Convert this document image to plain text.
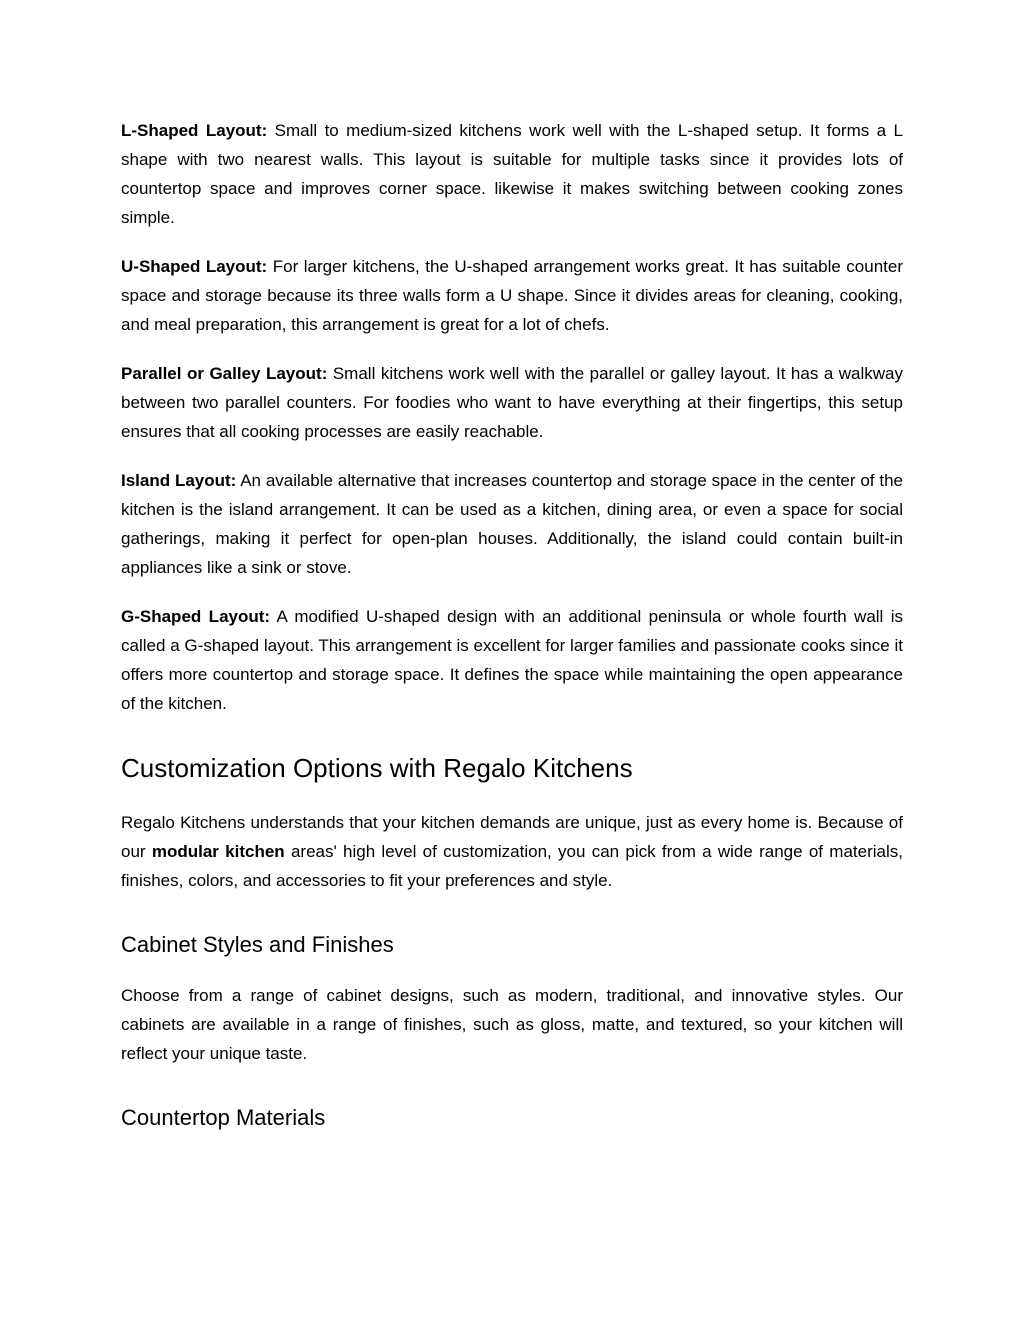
L-Shaped Layout: Small to medium-sized kitchens work well with the L-shaped setup. It forms a L shape with two nearest walls. This layout is suitable for multiple tasks since it provides lots of countertop space and improves corner space. likewise it makes switching between cooking zones simple.

U-Shaped Layout: For larger kitchens, the U-shaped arrangement works great. It has suitable counter space and storage because its three walls form a U shape. Since it divides areas for cleaning, cooking, and meal preparation, this arrangement is great for a lot of chefs.

Parallel or Galley Layout: Small kitchens work well with the parallel or galley layout. It has a walkway between two parallel counters. For foodies who want to have everything at their fingertips, this setup ensures that all cooking processes are easily reachable.

Island Layout: An available alternative that increases countertop and storage space in the center of the kitchen is the island arrangement. It can be used as a kitchen, dining area, or even a space for social gatherings, making it perfect for open-plan houses. Additionally, the island could contain built-in appliances like a sink or stove.

G-Shaped Layout: A modified U-shaped design with an additional peninsula or whole fourth wall is called a G-shaped layout. This arrangement is excellent for larger families and passionate cooks since it offers more countertop and storage space. It defines the space while maintaining the open appearance of the kitchen.

Customization Options with Regalo Kitchens

Regalo Kitchens understands that your kitchen demands are unique, just as every home is. Because of our modular kitchen areas' high level of customization, you can pick from a wide range of materials, finishes, colors, and accessories to fit your preferences and style.

Cabinet Styles and Finishes

Choose from a range of cabinet designs, such as modern, traditional, and innovative styles. Our cabinets are available in a range of finishes, such as gloss, matte, and textured, so your kitchen will reflect your unique taste.

Countertop Materials
